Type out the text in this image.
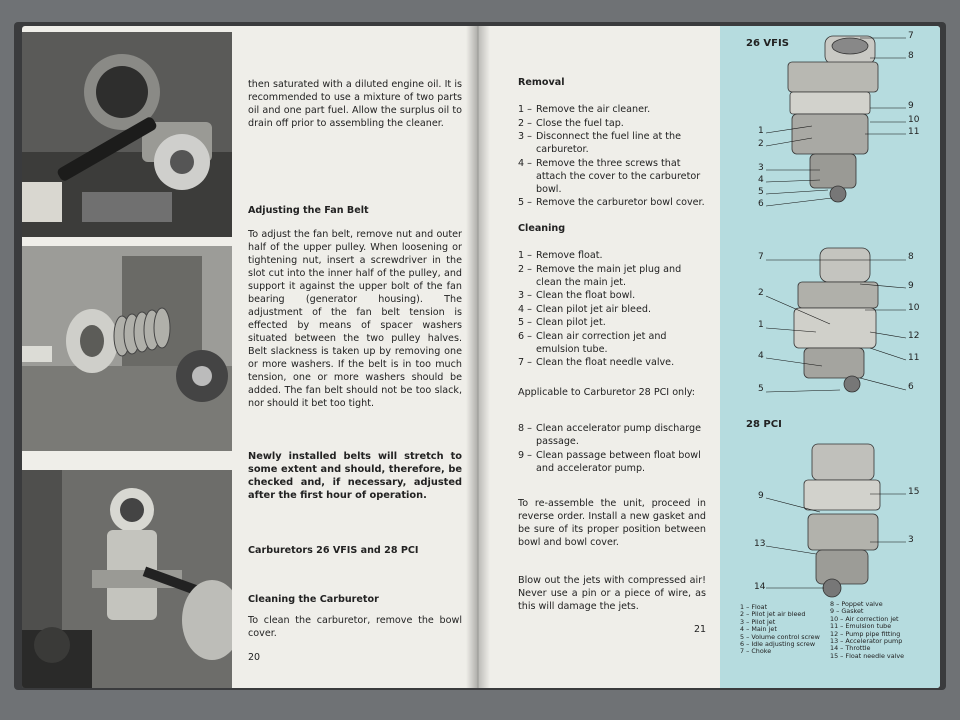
then saturated with a diluted engine oil. It is recommended to use a mixture of two parts oil and one part fuel. Allow the surplus oil to drain off prior to assembling the cleaner.
Adjusting the Fan Belt
To adjust the fan belt, remove nut and outer half of the upper pulley. When loosening or tightening nut, insert a screwdriver in the slot cut into the inner half of the pulley, and support it against the upper bolt of the fan bearing (generator housing). The adjustment of the fan belt tension is effected by means of spacer washers situated between the two pulley halves. Belt slackness is taken up by removing one or more washers. If the belt is in too much tension, one or more washers should be added. The fan belt should not be too slack, nor should it bet too tight.
Newly installed belts will stretch to some extent and should, therefore, be checked and, if necessary, adjusted after the first hour of operation.
Carburetors 26 VFIS and 28 PCI
Cleaning the Carburetor
To clean the carburetor, remove the bowl cover.
20
Removal
1 – Remove the air cleaner.
2 – Close the fuel tap.
3 – Disconnect the fuel line at the carburetor.
4 – Remove the three screws that attach the cover to the carburetor bowl.
5 – Remove the carburetor bowl cover.
Cleaning
1 – Remove float.
2 – Remove the main jet plug and clean the main jet.
3 – Clean the float bowl.
4 – Clean pilot jet air bleed.
5 – Clean pilot jet.
6 – Clean air correction jet and emulsion tube.
7 – Clean the float needle valve.
Applicable to Carburetor 28 PCI only:
8 – Clean accelerator pump discharge passage.
9 – Clean passage between float bowl and accelerator pump.
To re-assemble the unit, proceed in reverse order. Install a new gasket and be sure of its proper position between bowl and bowl cover.
Blow out the jets with compressed air! Never use a pin or a piece of wire, as this will damage the jets.
21
26 VFIS
7
8
9
10
11
1
2
3
4
5
6
7	8
9
10
2
1
12
4	11
5	6
28 PCI
9	15
13	3
14
1 – Float
2 – Pilot jet air bleed
3 – Pilot jet
4 – Main jet
5 – Volume control screw
6 – Idle adjusting screw
7 – Choke
8 – Poppet valve
9 – Gasket
10 – Air correction jet
11 – Emulsion tube
12 – Pump pipe fitting
13 – Accelerator pump
14 – Throttle
15 – Float needle valve
